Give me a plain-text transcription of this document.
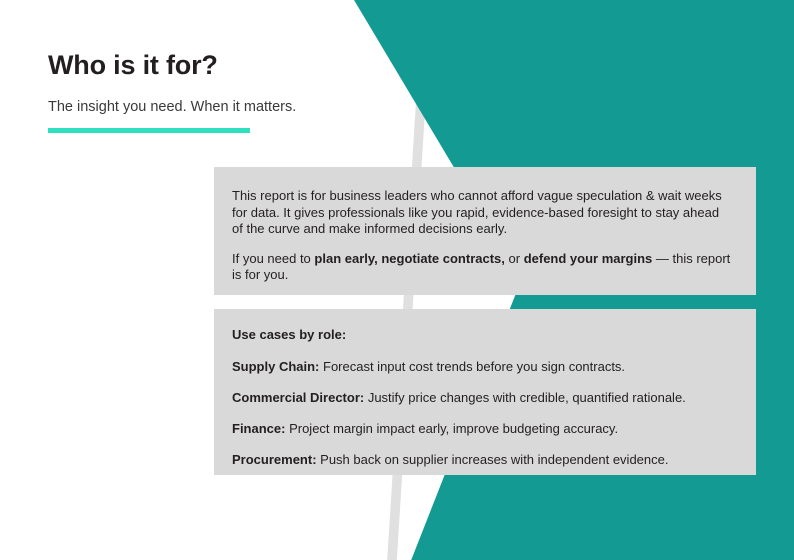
Who is it for?
The insight you need. When it matters.

This report is for business leaders who cannot afford vague speculation & wait weeks for data. It gives professionals like you rapid, evidence-based foresight to stay ahead of the curve and make informed decisions early.

If you need to plan early, negotiate contracts, or defend your margins — this report is for you.

Use cases by role:

Supply Chain: Forecast input cost trends before you sign contracts.

Commercial Director: Justify price changes with credible, quantified rationale.

Finance: Project margin impact early, improve budgeting accuracy.

Procurement: Push back on supplier increases with independent evidence.
